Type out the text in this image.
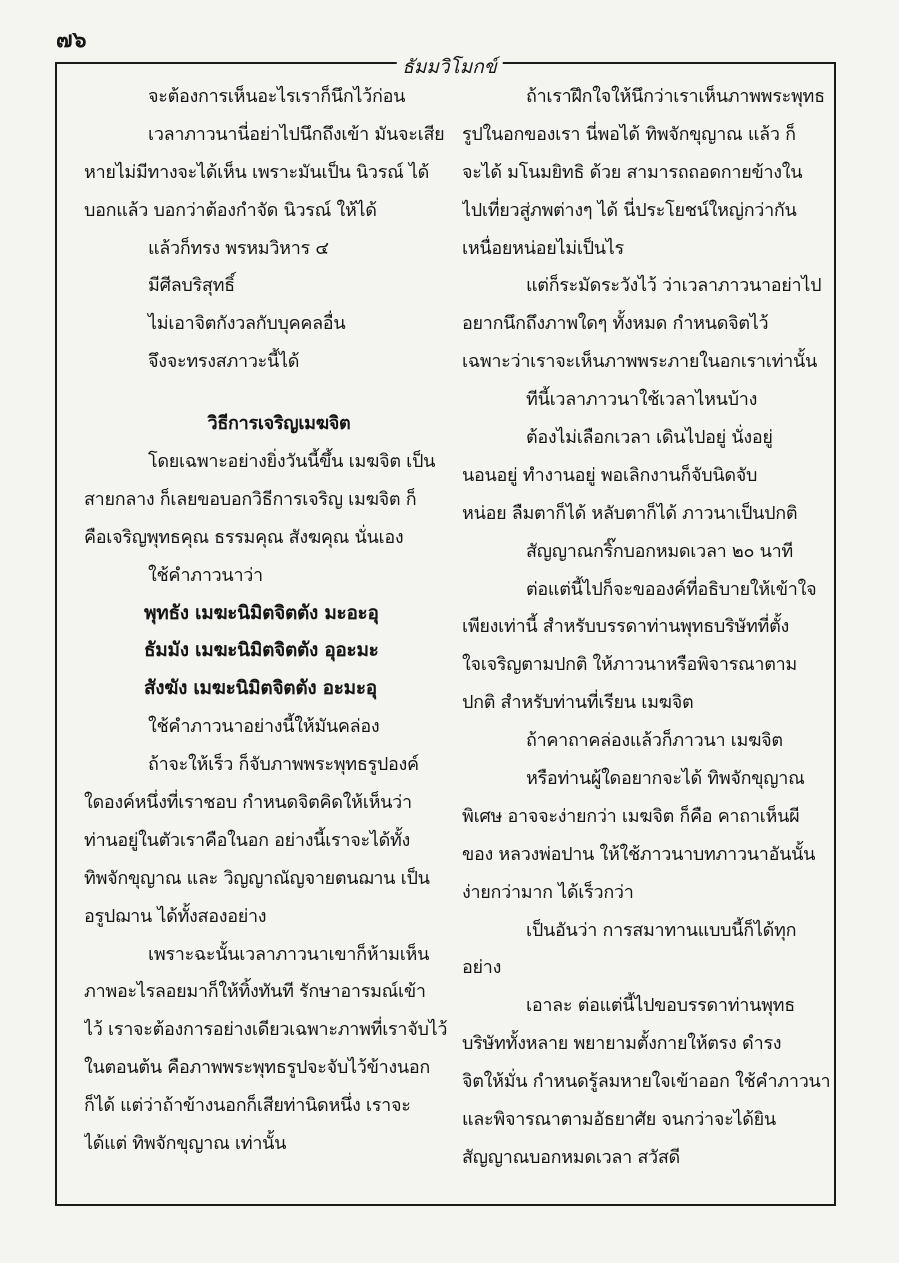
๗๖
ธัมมวิโมกข์
จะต้องการเห็นอะไรเราก็นึกไว้ก่อน
เวลาภาวนานี่อย่าไปนึกถึงเข้า มันจะเสีย
หายไม่มีทางจะได้เห็น เพราะมันเป็น นิวรณ์ ได้
บอกแล้ว บอกว่าต้องกำจัด นิวรณ์ ให้ได้
แล้วก็ทรง พรหมวิหาร ๔
มีศีลบริสุทธิ์
ไม่เอาจิตกังวลกับบุคคลอื่น
จึงจะทรงสภาวะนี้ได้
วิธีการเจริญเมฆจิต
โดยเฉพาะอย่างยิ่งวันนี้ขึ้น เมฆจิต เป็น
สายกลาง ก็เลยขอบอกวิธีการเจริญ เมฆจิต ก็
คือเจริญพุทธคุณ ธรรมคุณ สังฆคุณ นั่นเอง
ใช้คำภาวนาว่า
พุทธัง เมฆะนิมิตจิตตัง มะอะอุ
ธัมมัง เมฆะนิมิตจิตตัง อุอะมะ
สังฆัง เมฆะนิมิตจิตตัง อะมะอุ
ใช้คำภาวนาอย่างนี้ให้มันคล่อง
ถ้าจะให้เร็ว ก็จับภาพพระพุทธรูปองค์
ใดองค์หนึ่งที่เราชอบ กำหนดจิตคิดให้เห็นว่า
ท่านอยู่ในตัวเราคือในอก อย่างนี้เราจะได้ทั้ง
ทิพจักขุญาณ และ วิญญาณัญจายตนฌาน เป็น
อรูปฌาน ได้ทั้งสองอย่าง
เพราะฉะนั้นเวลาภาวนาเขาก็ห้ามเห็น
ภาพอะไรลอยมาก็ให้ทิ้งทันที รักษาอารมณ์เข้า
ไว้ เราจะต้องการอย่างเดียวเฉพาะภาพที่เราจับไว้
ในตอนต้น คือภาพพระพุทธรูปจะจับไว้ข้างนอก
ก็ได้ แต่ว่าถ้าข้างนอกก็เสียท่านิดหนึ่ง เราจะ
ได้แต่ ทิพจักขุญาณ เท่านั้น
ถ้าเราฝึกใจให้นึกว่าเราเห็นภาพพระพุทธ
รูปในอกของเรา นี่พอได้ ทิพจักขุญาณ แล้ว ก็
จะได้ มโนมยิทธิ ด้วย สามารถถอดกายข้างใน
ไปเที่ยวสู่ภพต่างๆ ได้ นี่ประโยชน์ใหญ่กว่ากัน
เหนื่อยหน่อยไม่เป็นไร
แต่ก็ระมัดระวังไว้ ว่าเวลาภาวนาอย่าไป
อยากนึกถึงภาพใดๆ ทั้งหมด กำหนดจิตไว้
เฉพาะว่าเราจะเห็นภาพพระภายในอกเราเท่านั้น
ทีนี้เวลาภาวนาใช้เวลาไหนบ้าง
ต้องไม่เลือกเวลา เดินไปอยู่ นั่งอยู่
นอนอยู่ ทำงานอยู่ พอเลิกงานก็จับนิดจับ
หน่อย ลืมตาก็ได้ หลับตาก็ได้ ภาวนาเป็นปกติ
สัญญาณกริ๊กบอกหมดเวลา ๒๐ นาที
ต่อแต่นี้ไปก็จะขอองค์ที่อธิบายให้เข้าใจ
เพียงเท่านี้ สำหรับบรรดาท่านพุทธบริษัทที่ตั้ง
ใจเจริญตามปกติ ให้ภาวนาหรือพิจารณาตาม
ปกติ สำหรับท่านที่เรียน เมฆจิต
ถ้าคาถาคล่องแล้วก็ภาวนา เมฆจิต
หรือท่านผู้ใดอยากจะได้ ทิพจักขุญาณ
พิเศษ อาจจะง่ายกว่า เมฆจิต ก็คือ คาถาเห็นผี
ของ หลวงพ่อปาน ให้ใช้ภาวนาบทภาวนาอันนั้น
ง่ายกว่ามาก ได้เร็วกว่า
เป็นอันว่า การสมาทานแบบนี้ก็ได้ทุก
อย่าง
เอาละ ต่อแต่นี้ไปขอบรรดาท่านพุทธ
บริษัททั้งหลาย พยายามตั้งกายให้ตรง ดำรง
จิตให้มั่น กำหนดรู้ลมหายใจเข้าออก ใช้คำภาวนา
และพิจารณาตามอัธยาศัย จนกว่าจะได้ยิน
สัญญาณบอกหมดเวลา สวัสดี
